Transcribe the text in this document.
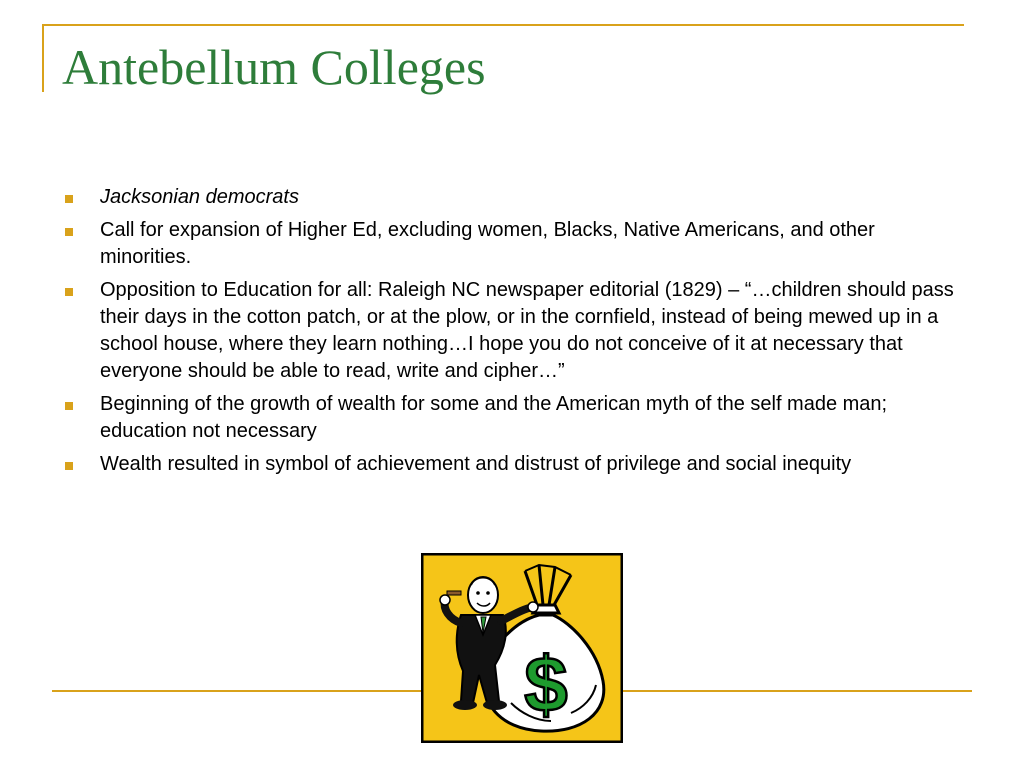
Antebellum Colleges
Jacksonian democrats
Call for expansion of Higher Ed, excluding women, Blacks, Native Americans, and other minorities.
Opposition to Education for all: Raleigh NC newspaper editorial (1829) – “…children should pass their days in the cotton patch, or at the plow, or in the cornfield, instead of being mewed up in a school house, where they learn nothing…I hope you do not conceive of it at necessary that everyone should be able to read, write and cipher…”
Beginning of the growth of wealth for some and the American myth of the self made man; education not necessary
Wealth resulted in symbol of achievement and distrust of privilege and social inequity
$
